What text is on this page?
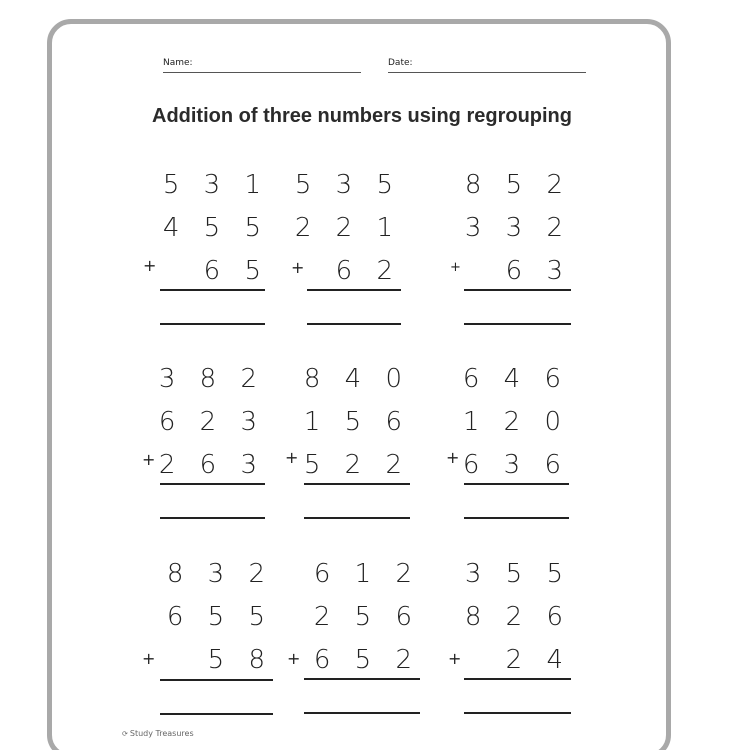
Name:	Date:
Addition of three numbers using regrouping
5 3 1
4 5 5
+ 6 5
5 3 5
2 2 1
+ 6 2
8 5 2
3 3 2
+ 6 3
3 8 2
6 2 3
+ 2 6 3
8 4 0
1 5 6
+ 5 2 2
6 4 6
1 2 0
+ 6 3 6
8 3 2
6 5 5
+ 5 8
6 1 2
2 5 6
+ 6 5 2
3 5 5
8 2 6
+ 2 4
⟳ Study Treasures
